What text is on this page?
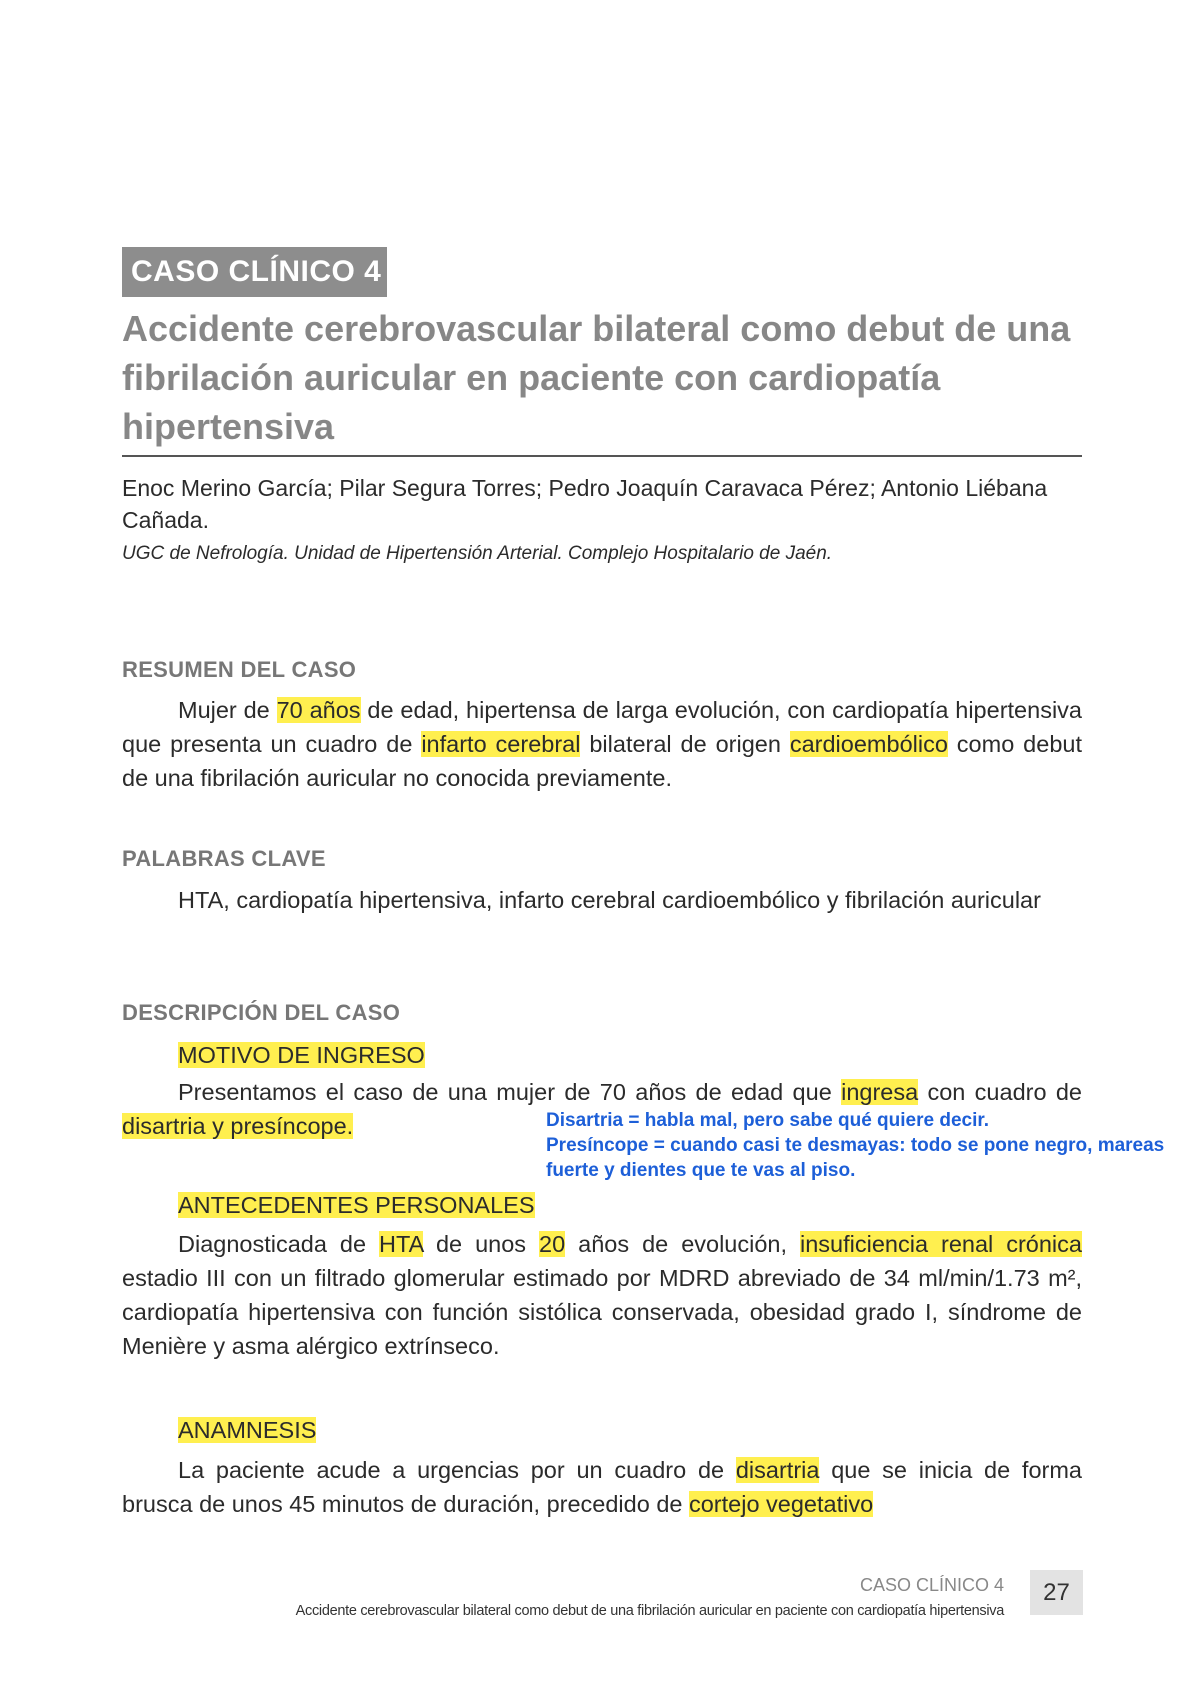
CASO CLÍNICO 4
Accidente cerebrovascular bilateral como debut de una fibrilación auricular en paciente con cardiopatía hipertensiva

Enoc Merino García; Pilar Segura Torres; Pedro Joaquín Caravaca Pérez; Antonio Liébana Cañada.

UGC de Nefrología. Unidad de Hipertensión Arterial. Complejo Hospitalario de Jaén.

RESUMEN DEL CASO

Mujer de 70 años de edad, hipertensa de larga evolución, con cardiopatía hipertensiva que presenta un cuadro de infarto cerebral bilateral de origen cardioembólico como debut de una fibrilación auricular no conocida previamente.

PALABRAS CLAVE

HTA, cardiopatía hipertensiva, infarto cerebral cardioembólico y fibrilación auricular

DESCRIPCIÓN DEL CASO

MOTIVO DE INGRESO

Presentamos el caso de una mujer de 70 años de edad que ingresa con cuadro de disartria y presíncope.	Disartria = habla mal, pero sabe qué quiere decir.

Presíncope = cuando casi te desmayas: todo se pone negro, mareas fuerte y dientes que te vas al piso.

ANTECEDENTES PERSONALES

Diagnosticada de HTA de unos 20 años de evolución, insuficiencia renal crónica estadio III con un filtrado glomerular estimado por MDRD abreviado de 34 ml/min/1.73 m², cardiopatía hipertensiva con función sistólica conservada, obesidad grado I, síndrome de Menière y asma alérgico extrínseco.

ANAMNESIS

La paciente acude a urgencias por un cuadro de disartria que se inicia de forma brusca de unos 45 minutos de duración, precedido de cortejo vegetativo

CASO CLÍNICO 4
Accidente cerebrovascular bilateral como debut de una fibrilación auricular en paciente con cardiopatía hipertensiva
27
